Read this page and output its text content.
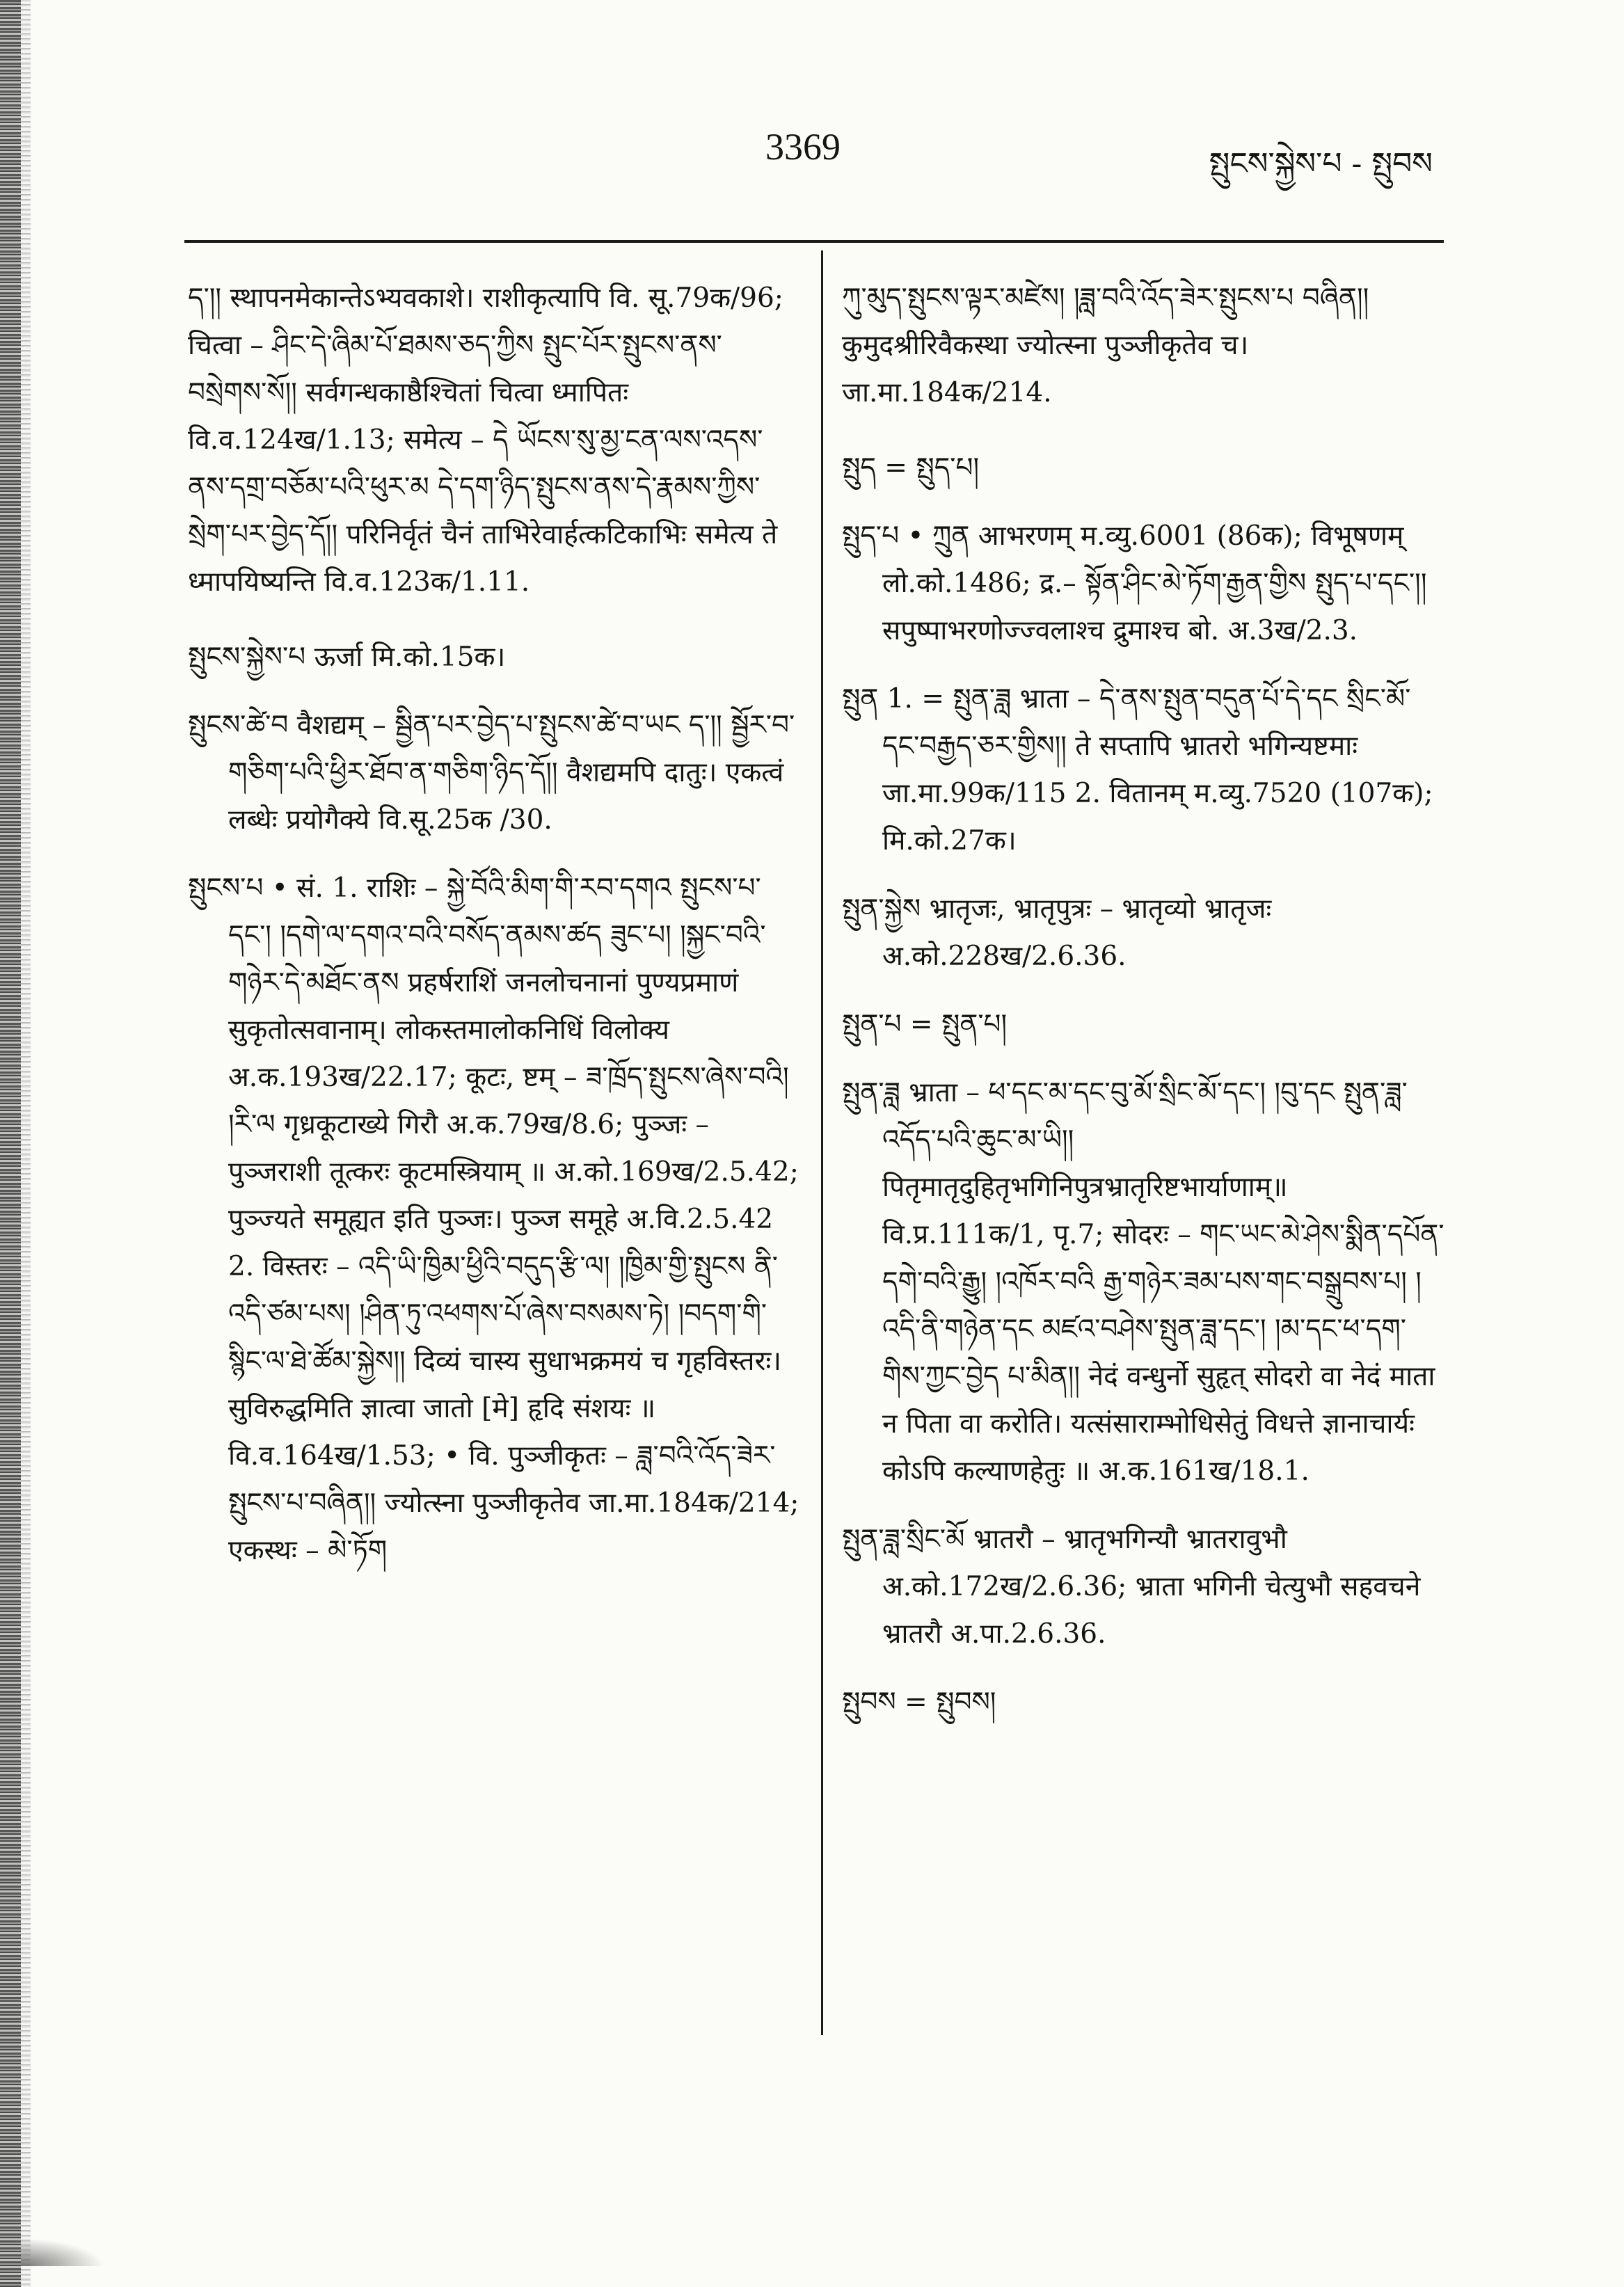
3369	སྤུངས་སྐྱེས་པ - སྤུབས

ད༌།། स्थापनमेकान्तेऽभ्यवकाशे। राशीकृत्यापि वि. सू.79क/96; चित्वा – ཤིང་དེ་ཞིམ་པོ་ཐམས་ཅད་ཀྱིས སྤུང་པོར་སྤུངས་ནས་བསྲེགས་སོ།། सर्वगन्धकाष्ठैश्चितां चित्वा ध्मापितः वि.व.124ख/1.13; समेत्य – དེ ཡོངས་སུ་མྱ་ངན་ལས་འདས་ནས་དགྲ་བཅོམ་པའི་ཕུར་མ དེ་དག་ཉིད་སྤུངས་ནས་དེ་རྣམས་ཀྱིས་སྲེག་པར་བྱེད་དོ།། परिनिर्वृतं चैनं ताभिरेवार्हत्कटिकाभिः समेत्य ते ध्मापयिष्यन्ति वि.व.123क/1.11.

སྤུངས་སྐྱེས་པ ऊर्जा मि.को.15क।

སྤུངས་ཚེ་བ वैशद्यम् – སྦྱིན་པར་བྱེད་པ་སྤུངས་ཚེ་བ་ཡང ད༌།། སྦྱོར་བ་གཅིག་པའི་ཕྱིར་ཐོབ་ན་གཅིག་ཉིད་དོ།། वैशद्यमपि दातुः। एकत्वं लब्धेः प्रयोगैक्ये वि.सू.25क /30.

སྤུངས་པ • सं. 1. राशिः – སྐྱེ་བོའི་མིག་གི་རབ་དགའ སྤུངས་པ་དང་། །དགེ་ལ་དགའ་བའི་བསོད་ནམས་ཚད ཟུང་པ། །སྐྱང་བའི་གཉེར་དེ་མཐོང་ནས प्रहर्षराशिं जनलोचनानां पुण्यप्रमाणं सुकृतोत्सवानाम्। लोकस्तमालोकनिधिं विलोक्य अ.क.193ख/22.17; कूटः, ष्टम् – ཟ་ཁྲོད་སྤུངས་ཞེས་བའི། །རི་ལ गृध्रकूटाख्ये गिरौ अ.क.79ख/8.6; पुञ्जः – पुञ्जराशी तूत्करः कूटमस्त्रियाम् ॥ अ.को.169ख/2.5.42; पुञ्ज्यते समूह्यत इति पुञ्जः। पुञ्ज समूहे अ.वि.2.5.42 2. विस्तरः – འདི་ཡི་ཁྱིམ་ཕྱིའི་བདུད་རྩི་ལ། །ཁྱིམ་གྱི་སྤུངས ནི་འདི་ཙམ་པས། །ཤིན་ཏུ་འཕགས་པོ་ཞེས་བསམས་ཏེ། །བདག་གི་སྙིང་ལ་ཐེ་ཚོམ་སྐྱེས།། दिव्यं चास्य सुधाभक्रमयं च गृहविस्तरः। सुविरुद्धमिति ज्ञात्वा जातो [मे] हृदि संशयः ॥ वि.व.164ख/1.53; • वि. पुञ्जीकृतः – ཟླ་བའི་འོད་ཟེར་སྤུངས་པ་བཞིན།། ज्योत्स्ना पुञ्जीकृतेव जा.मा.184क/214; एकस्थः – མེ་ཏོག

ཀུ་མུད་སྤུངས་ལྟར་མཛེས། །ཟླ་བའི་འོད་ཟེར་སྤུངས་པ བཞིན།། कुमुदश्रीरिवैकस्था ज्योत्स्ना पुञ्जीकृतेव च। जा.मा.184क/214.

སྤུད = སྤུད་པ།

སྤུད་པ • ཀྲུན आभरणम् म.व्यु.6001 (86क); विभूषणम् लो.को.1486; द्र.– སྟོན་ཤིང་མེ་ཏོག་རྒྱན་གྱིས སྤུད་པ་དང་།། सपुष्पाभरणोज्ज्वलाश्च द्रुमाश्च बो. अ.3ख/2.3.

སྤུན 1. = སྤུན་ཟླ भ्राता – དེ་ནས་སྤུན་བདུན་པོ་དེ་དང སྲིང་མོ་དང་བརྒྱད་ཅར་གྱིས།། ते सप्तापि भ्रातरो भगिन्यष्टमाः जा.मा.99क/115 2. वितानम् म.व्यु.7520 (107क); मि.को.27क।

སྤུན་སྐྱེས भ्रातृजः, भ्रातृपुत्रः – भ्रातृव्यो भ्रातृजः अ.को.228ख/2.6.36.

སྤུན་པ = སྤུན་པ།

སྤུན་ཟླ भ्राता – ཕ་དང་མ་དང་བུ་མོ་སྲིང་མོ་དང་། །བུ་དང སྤུན་ཟླ་འདོད་པའི་ཆུང་མ་ཡི།། पितृमातृदुहितृभगिनिपुत्रभ्रातृरिष्टभार्याणाम्॥ वि.प्र.111क/1, पृ.7; सोदरः – གང་ཡང་མེ་ཤེས་སྨིན་དཔོན་དགེ་བའི་རྒྱུ། །འཁོར་བའི རྒྱ་གཉེར་ཟམ་པས་གང་བསྒྲུབས་པ། །འདི་ནི་གཉེན་དང མཛའ་བཤེས་སྤུན་ཟླ་དང་། །མ་དང་ཕ་དག་གིས་ཀྱང་བྱེད པ་མིན།། नेदं वन्धुर्नो सुहृत् सोदरो वा नेदं माता न पिता वा करोति। यत्संसाराम्भोधिसेतुं विधत्ते ज्ञानाचार्यः कोऽपि कल्याणहेतुः ॥ अ.क.161ख/18.1.

སྤུན་ཟླ་སྲིང་མོ भ्रातरौ – भ्रातृभगिन्यौ भ्रातरावुभौ अ.को.172ख/2.6.36; भ्राता भगिनी चेत्युभौ सहवचने भ्रातरौ अ.पा.2.6.36.

སྤུབས = སྤུབས།
